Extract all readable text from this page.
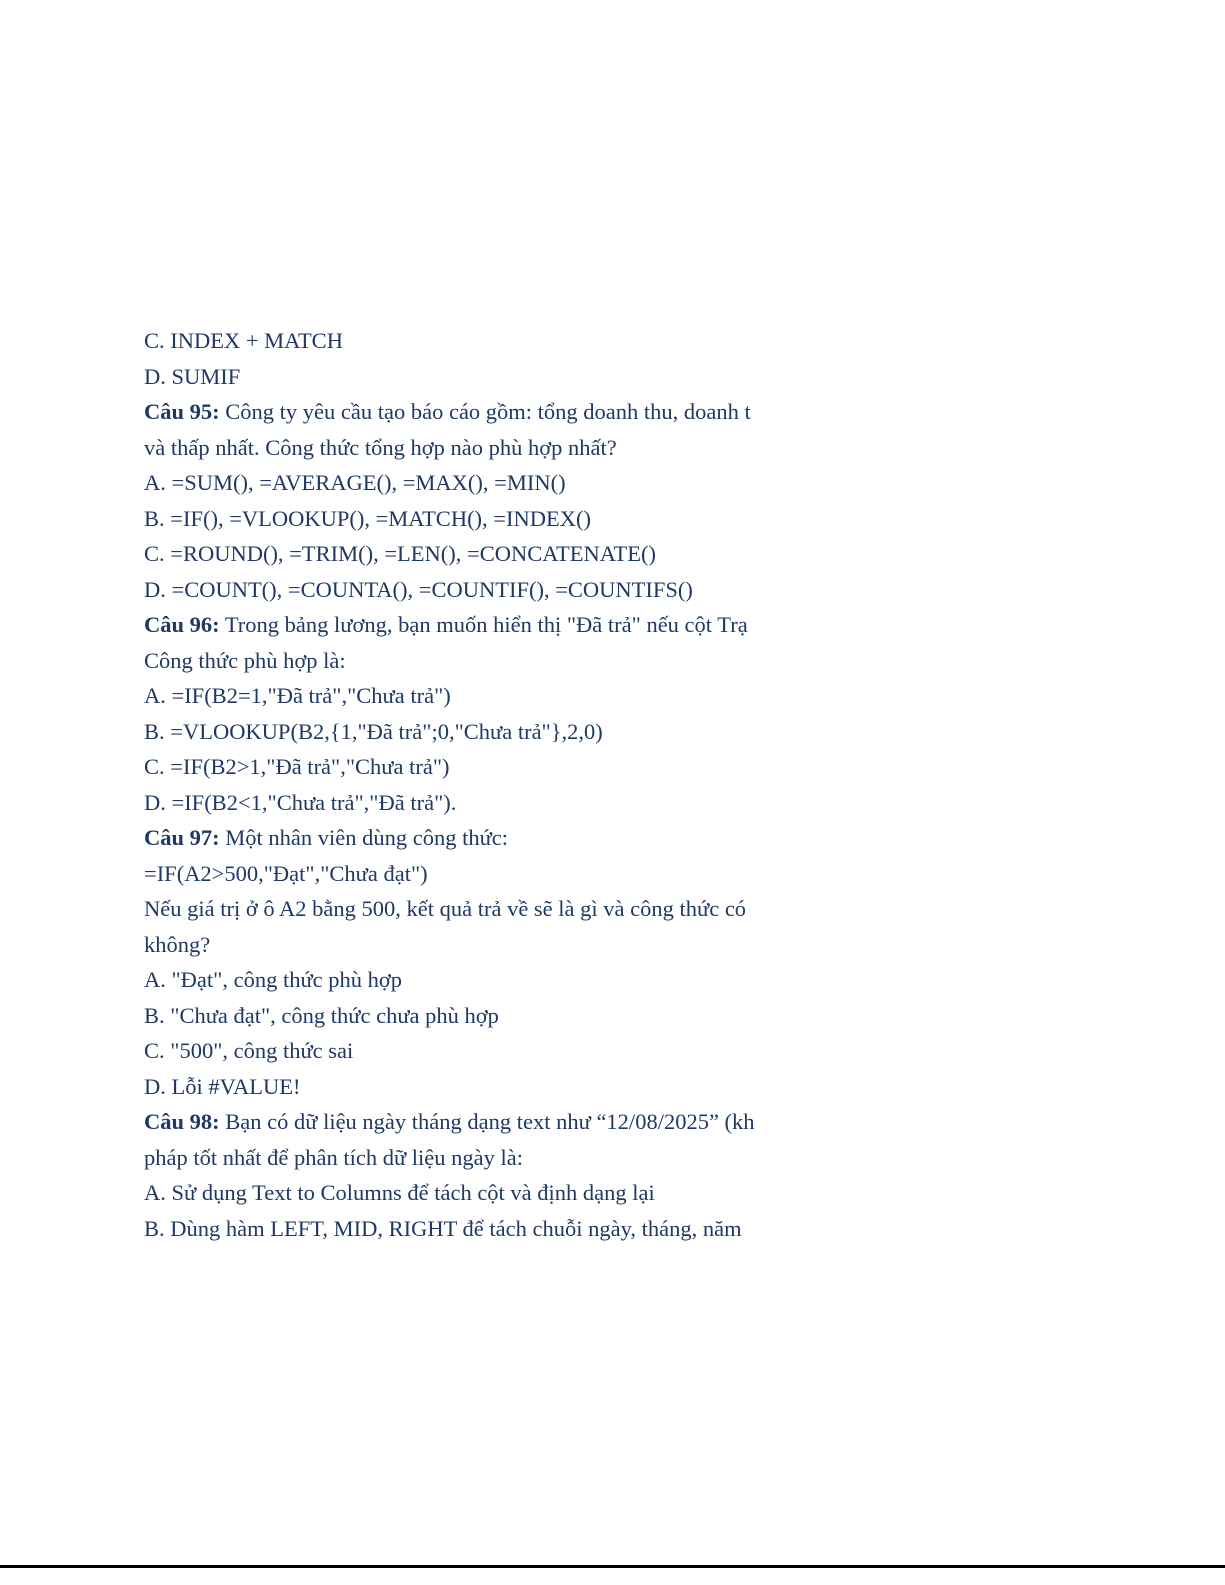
C. INDEX + MATCH
D. SUMIF
Câu 95: Công ty yêu cầu tạo báo cáo gồm: tổng doanh thu, doanh t
và thấp nhất. Công thức tổng hợp nào phù hợp nhất?
A. =SUM(), =AVERAGE(), =MAX(), =MIN()
B. =IF(), =VLOOKUP(), =MATCH(), =INDEX()
C. =ROUND(), =TRIM(), =LEN(), =CONCATENATE()
D. =COUNT(), =COUNTA(), =COUNTIF(), =COUNTIFS()
Câu 96: Trong bảng lương, bạn muốn hiển thị "Đã trả" nếu cột Trạ
Công thức phù hợp là:
A. =IF(B2=1,"Đã trả","Chưa trả")
B. =VLOOKUP(B2,{1,"Đã trả";0,"Chưa trả"},2,0)
C. =IF(B2>1,"Đã trả","Chưa trả")
D. =IF(B2<1,"Chưa trả","Đã trả").
Câu 97: Một nhân viên dùng công thức:
=IF(A2>500,"Đạt","Chưa đạt")
Nếu giá trị ở ô A2 bằng 500, kết quả trả về sẽ là gì và công thức có
không?
A. "Đạt", công thức phù hợp
B. "Chưa đạt", công thức chưa phù hợp
C. "500", công thức sai
D. Lỗi #VALUE!
Câu 98: Bạn có dữ liệu ngày tháng dạng text như “12/08/2025” (kh
pháp tốt nhất để phân tích dữ liệu ngày là:
A. Sử dụng Text to Columns để tách cột và định dạng lại
B. Dùng hàm LEFT, MID, RIGHT để tách chuỗi ngày, tháng, năm
